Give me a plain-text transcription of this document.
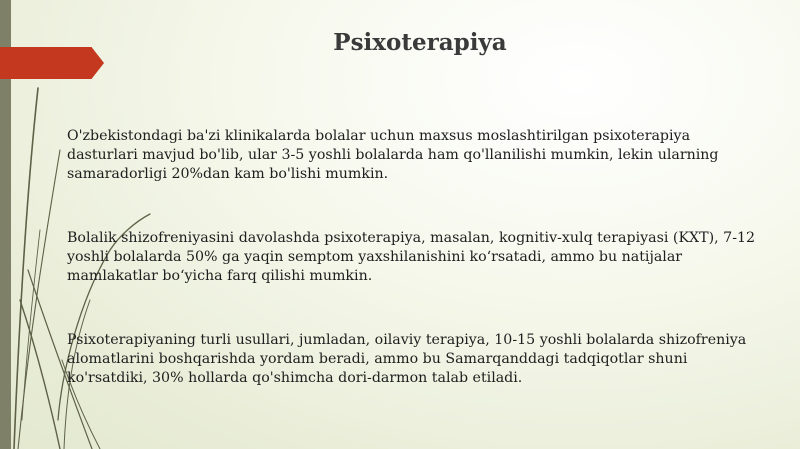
Psixoterapiya
O'zbekistondagi ba'zi klinikalarda bolalar uchun maxsus moslashtirilgan psixoterapiya dasturlari mavjud bo'lib, ular 3-5 yoshli bolalarda ham qo'llanilishi mumkin, lekin ularning samaradorligi 20%dan kam bo'lishi mumkin.
Bolalik shizofreniyasini davolashda psixoterapiya, masalan, kognitiv-xulq terapiyasi (KXT), 7-12 yoshli bolalarda 50% ga yaqin semptom yaxshilanishini koʻrsatadi, ammo bu natijalar mamlakatlar boʻyicha farq qilishi mumkin.
Psixoterapiyaning turli usullari, jumladan, oilaviy terapiya, 10-15 yoshli bolalarda shizofreniya alomatlarini boshqarishda yordam beradi, ammo bu Samarqanddagi tadqiqotlar shuni ko'rsatdiki, 30% hollarda qo'shimcha dori-darmon talab etiladi.
